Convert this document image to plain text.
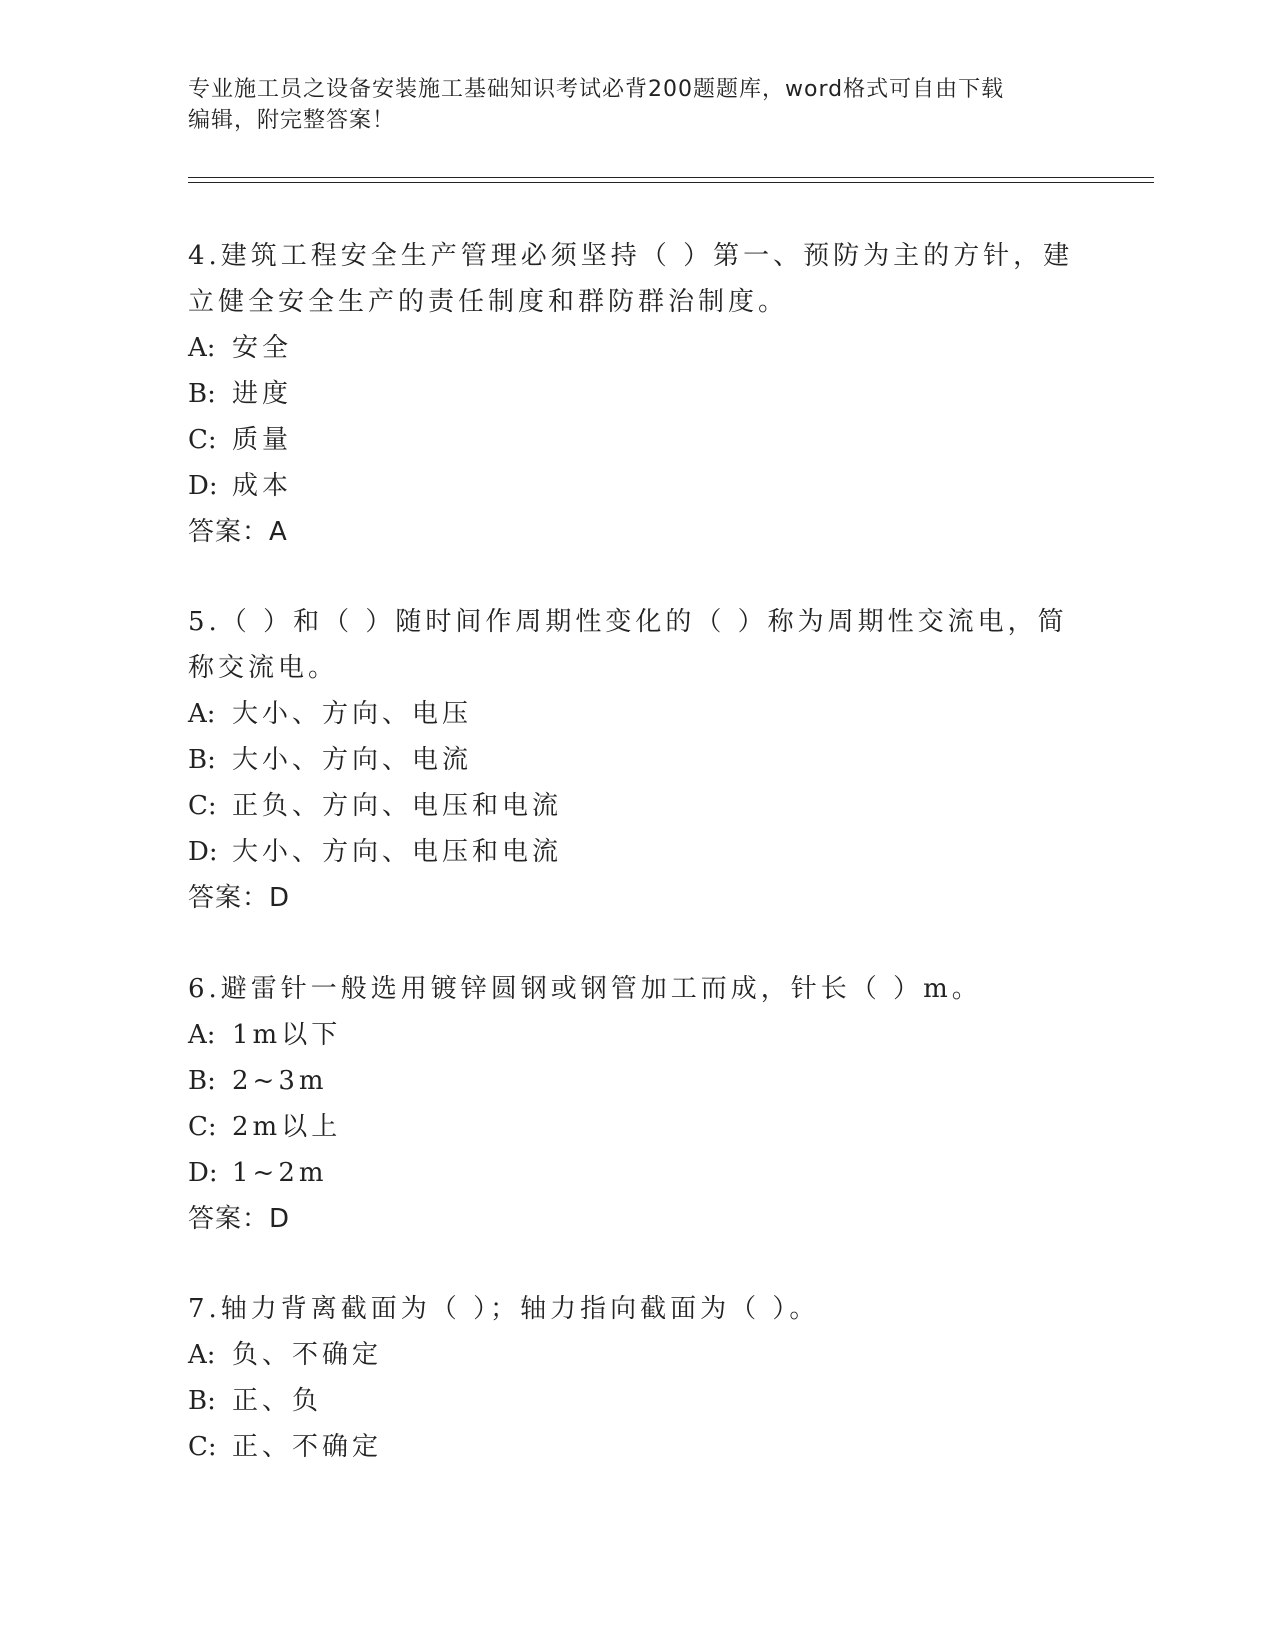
专业施工员之设备安装施工基础知识考试必背200题题库，word格式可自由下载
编辑，附完整答案！

4.建筑工程安全生产管理必须坚持（ ）第一、预防为主的方针，建立健全安全生产的责任制度和群防群治制度。

A: 安全

B: 进度

C: 质量

D: 成本

答案：A

5.（ ）和（ ）随时间作周期性变化的（ ）称为周期性交流电，简称交流电。

A: 大小、方向、电压

B: 大小、方向、电流

C: 正负、方向、电压和电流

D: 大小、方向、电压和电流

答案：D

6.避雷针一般选用镀锌圆钢或钢管加工而成，针长（ ）m。

A: 1m以下

B: 2~3m

C: 2m以上

D: 1~2m

答案：D

7.轴力背离截面为（ ）；轴力指向截面为（ ）。

A: 负、不确定

B: 正、负

C: 正、不确定
